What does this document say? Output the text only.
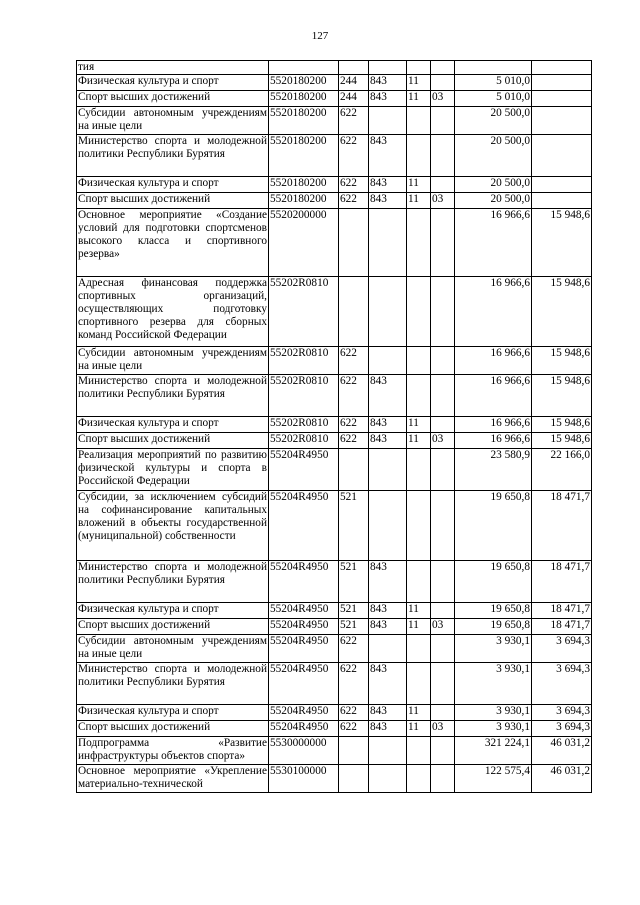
127
тия							
Физическая культура и спорт	5520180200	244	843	11		5 010,0	
Спорт высших достижений	5520180200	244	843	11	03	5 010,0	
Субсидии автономным учреждениям на иные цели	5520180200	622				20 500,0	
Министерство спорта и молодежной политики Республики Бурятия	5520180200	622	843			20 500,0	
Физическая культура и спорт	5520180200	622	843	11		20 500,0	
Спорт высших достижений	5520180200	622	843	11	03	20 500,0	
Основное мероприятие «Создание условий для подготовки спортсменов высокого класса и спортивного резерва»	5520200000					16 966,6	15 948,6
Адресная финансовая поддержка спортивных организаций, осуществляющих подготовку спортивного резерва для сборных команд Российской Федерации	55202R0810					16 966,6	15 948,6
Субсидии автономным учреждениям на иные цели	55202R0810	622				16 966,6	15 948,6
Министерство спорта и молодежной политики Республики Бурятия	55202R0810	622	843			16 966,6	15 948,6
Физическая культура и спорт	55202R0810	622	843	11		16 966,6	15 948,6
Спорт высших достижений	55202R0810	622	843	11	03	16 966,6	15 948,6
Реализация мероприятий по развитию физической культуры и спорта в Российской Федерации	55204R4950					23 580,9	22 166,0
Субсидии, за исключением субсидий на софинансирование капитальных вложений в объекты государственной (муниципальной) собственности	55204R4950	521				19 650,8	18 471,7
Министерство спорта и молодежной политики Республики Бурятия	55204R4950	521	843			19 650,8	18 471,7
Физическая культура и спорт	55204R4950	521	843	11		19 650,8	18 471,7
Спорт высших достижений	55204R4950	521	843	11	03	19 650,8	18 471,7
Субсидии автономным учреждениям на иные цели	55204R4950	622				3 930,1	3 694,3
Министерство спорта и молодежной политики Республики Бурятия	55204R4950	622	843			3 930,1	3 694,3
Физическая культура и спорт	55204R4950	622	843	11		3 930,1	3 694,3
Спорт высших достижений	55204R4950	622	843	11	03	3 930,1	3 694,3
Подпрограмма «Развитие инфраструктуры объектов спорта»	5530000000					321 224,1	46 031,2
Основное мероприятие «Укрепление материально-технической	5530100000					122 575,4	46 031,2
